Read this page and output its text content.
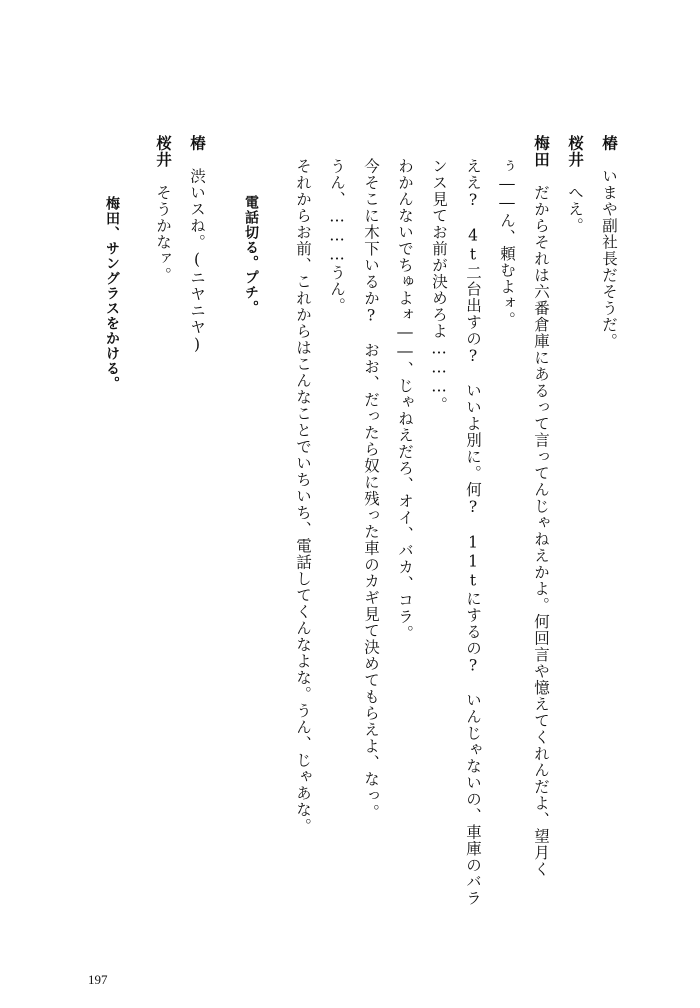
椿　いまや副社長だそうだ。
桜井　へえ。
梅田　だからそれは六番倉庫にあるって言ってんじゃねえかよ。何回言や憶えてくれんだよ、望月く
ぅ――ん、頼むよォ。
ええ?　4t二台出すの?　いいよ別に。何?　11tにするの?　いんじゃないの、車庫のバラ
ンス見てお前が決めろよ………。
わかんないでちゅよォ――、じゃねえだろ、オイ、バカ、コラ。
今そこに木下いるか?　おお、だったら奴に残った車のカギ見て決めてもらえよ、なっ。
うん、………うん。
それからお前、これからはこんなことでいちいち、電話してくんなよな。うん、じゃあな。
電話切る。プチ。
椿　渋いスね。(ニヤニヤ)
桜井　そうかなァ。
梅田、サングラスをかける。
197
